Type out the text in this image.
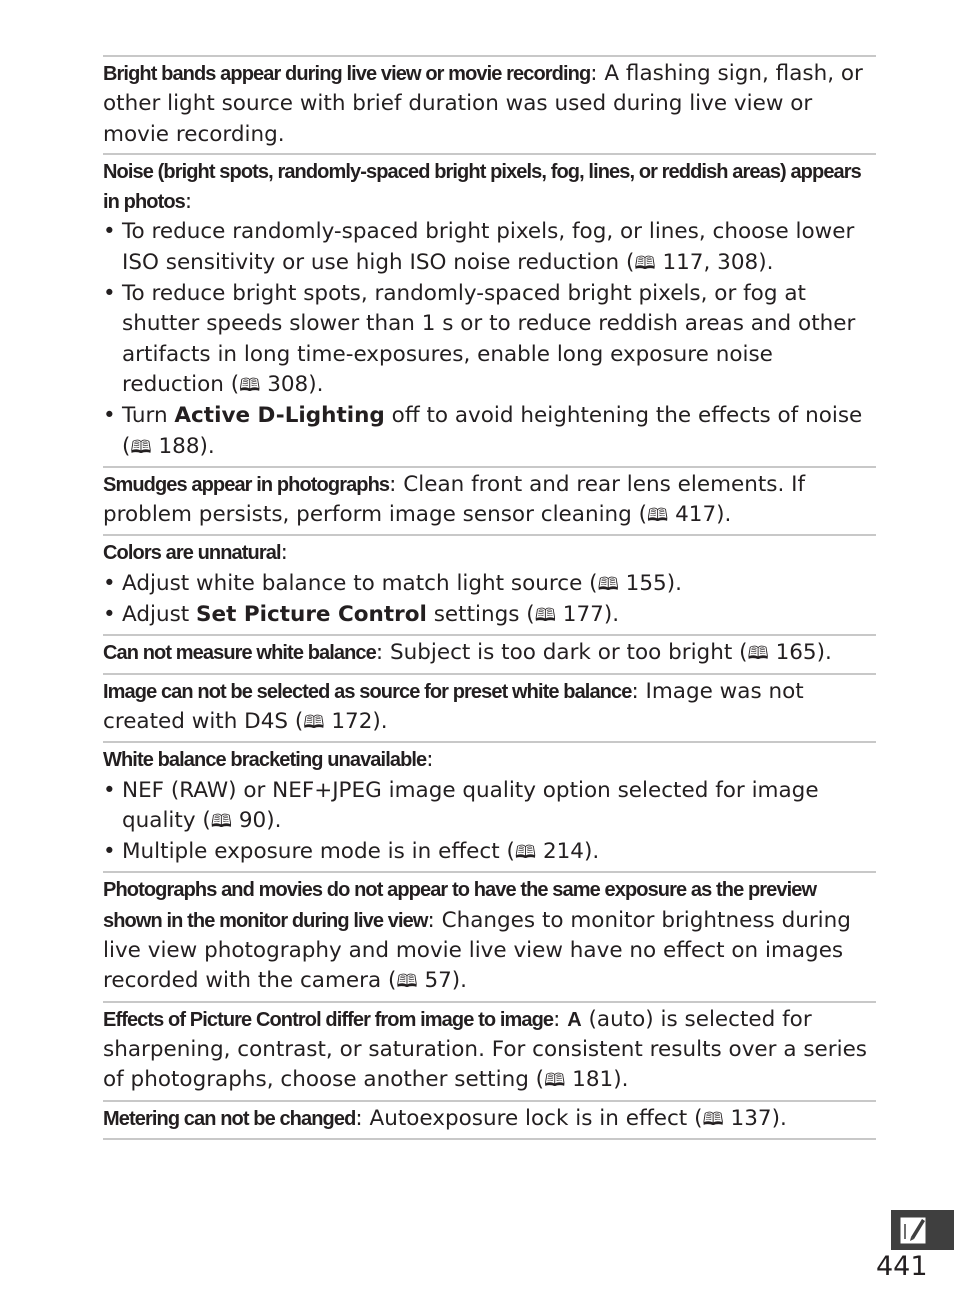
Bright bands appear during live view or movie recording: A flashing sign, flash, or other light source with brief duration was used during live view or movie recording.
Noise (bright spots, randomly-spaced bright pixels, fog, lines, or reddish areas) appears in photos:
• To reduce randomly-spaced bright pixels, fog, or lines, choose lower ISO sensitivity or use high ISO noise reduction (🕮 117, 308).
• To reduce bright spots, randomly-spaced bright pixels, or fog at shutter speeds slower than 1 s or to reduce reddish areas and other artifacts in long time-exposures, enable long exposure noise reduction (🕮 308).
• Turn Active D-Lighting off to avoid heightening the effects of noise (🕮 188).
Smudges appear in photographs: Clean front and rear lens elements. If problem persists, perform image sensor cleaning (🕮 417).
Colors are unnatural:
• Adjust white balance to match light source (🕮 155).
• Adjust Set Picture Control settings (🕮 177).
Can not measure white balance: Subject is too dark or too bright (🕮 165).
Image can not be selected as source for preset white balance: Image was not created with D4S (🕮 172).
White balance bracketing unavailable:
• NEF (RAW) or NEF+JPEG image quality option selected for image quality (🕮 90).
• Multiple exposure mode is in effect (🕮 214).
Photographs and movies do not appear to have the same exposure as the preview shown in the monitor during live view: Changes to monitor brightness during live view photography and movie live view have no effect on images recorded with the camera (🕮 57).
Effects of Picture Control differ from image to image: A (auto) is selected for sharpening, contrast, or saturation. For consistent results over a series of photographs, choose another setting (🕮 181).
Metering can not be changed: Autoexposure lock is in effect (🕮 137).
441
